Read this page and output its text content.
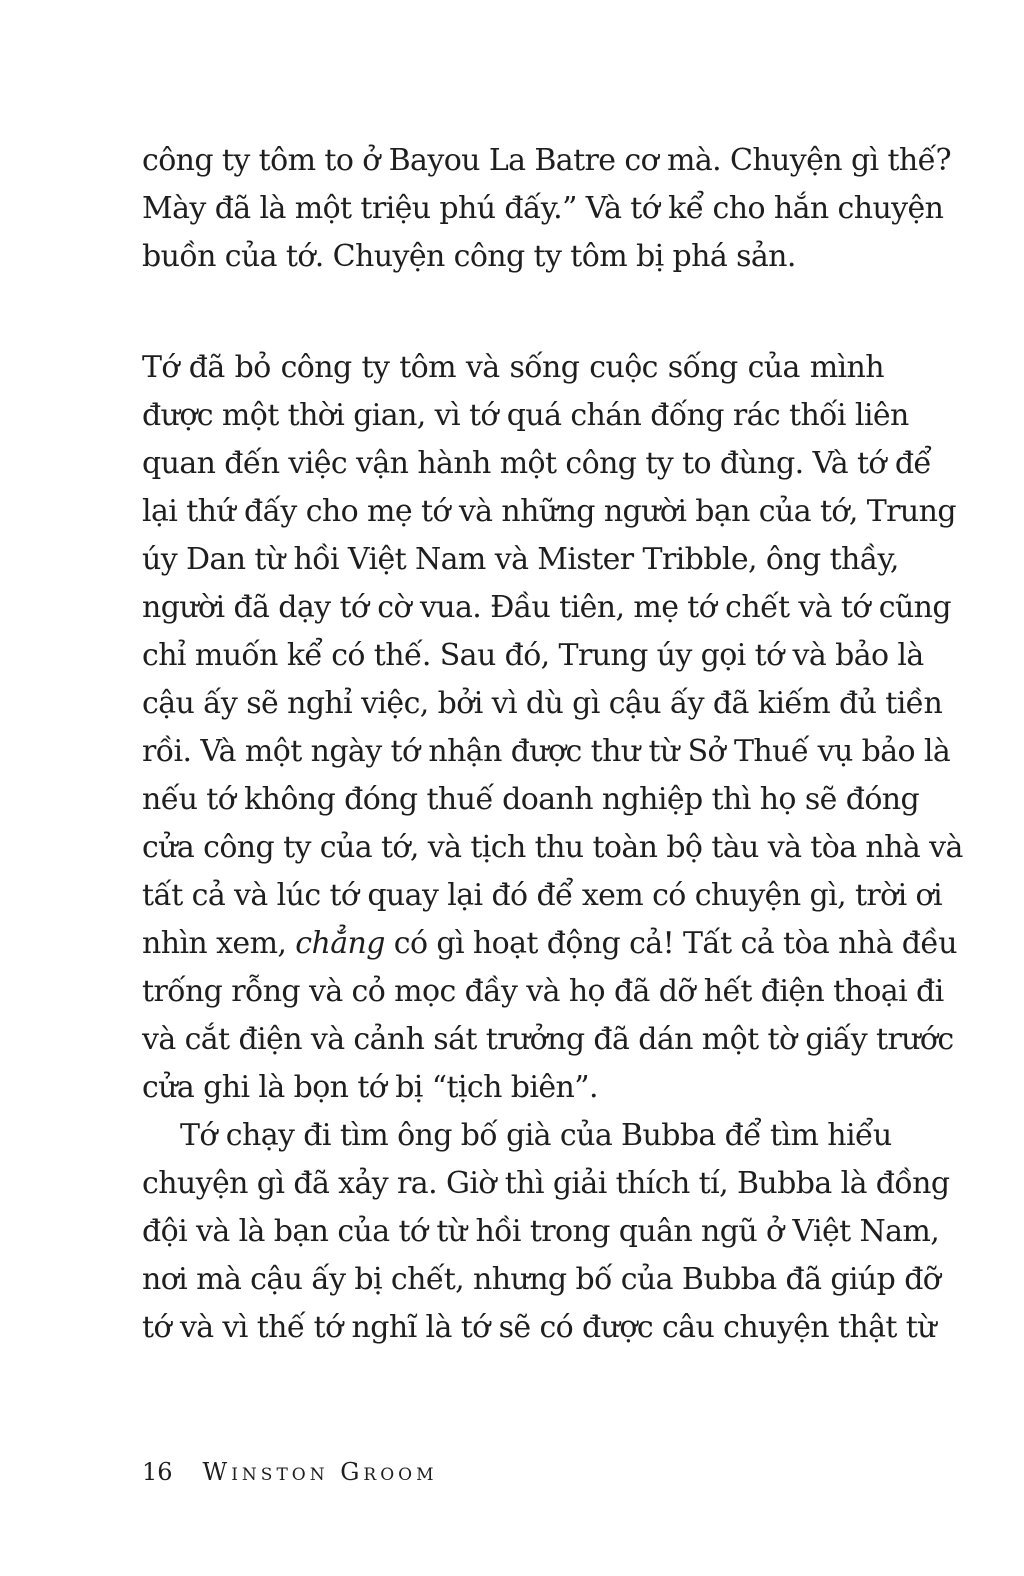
công ty tôm to ở Bayou La Batre cơ mà. Chuyện gì thế?
Mày đã là một triệu phú đấy.” Và tớ kể cho hắn chuyện
buồn của tớ. Chuyện công ty tôm bị phá sản.
Tớ đã bỏ công ty tôm và sống cuộc sống của mình
được một thời gian, vì tớ quá chán đống rác thối liên
quan đến việc vận hành một công ty to đùng. Và tớ để
lại thứ đấy cho mẹ tớ và những người bạn của tớ, Trung
úy Dan từ hồi Việt Nam và Mister Tribble, ông thầy,
người đã dạy tớ cờ vua. Đầu tiên, mẹ tớ chết và tớ cũng
chỉ muốn kể có thế. Sau đó, Trung úy gọi tớ và bảo là
cậu ấy sẽ nghỉ việc, bởi vì dù gì cậu ấy đã kiếm đủ tiền
rồi. Và một ngày tớ nhận được thư từ Sở Thuế vụ bảo là
nếu tớ không đóng thuế doanh nghiệp thì họ sẽ đóng
cửa công ty của tớ, và tịch thu toàn bộ tàu và tòa nhà và
tất cả và lúc tớ quay lại đó để xem có chuyện gì, trời ơi
nhìn xem, chẳng có gì hoạt động cả! Tất cả tòa nhà đều
trống rỗng và cỏ mọc đầy và họ đã dỡ hết điện thoại đi
và cắt điện và cảnh sát trưởng đã dán một tờ giấy trước
cửa ghi là bọn tớ bị “tịch biên”.
Tớ chạy đi tìm ông bố già của Bubba để tìm hiểu
chuyện gì đã xảy ra. Giờ thì giải thích tí, Bubba là đồng
đội và là bạn của tớ từ hồi trong quân ngũ ở Việt Nam,
nơi mà cậu ấy bị chết, nhưng bố của Bubba đã giúp đỡ
tớ và vì thế tớ nghĩ là tớ sẽ có được câu chuyện thật từ
16 Winston Groom
